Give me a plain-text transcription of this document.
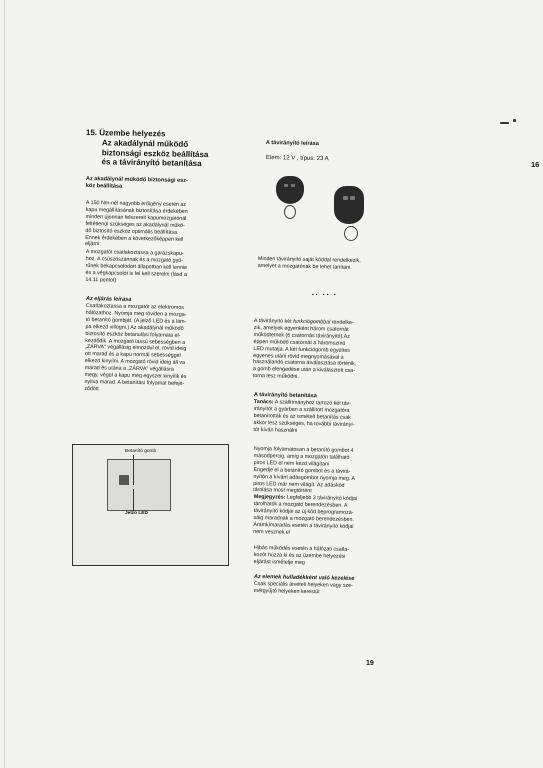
16
15. Üzembe helyezés
Az akadálynál működő
biztonsági eszköz beállítása
és a távirányító betanítása
Az akadálynál működő biztonsági esz-
köz beállítása
A 150 Nm-nél nagyobb erőigény esetén az
kapu megállításának biztosítása érdekében
minden újonnan felszerelt kapumozgatónál
feltétlenül szükséges az akadálynál műkö-
dő biztosító eszköz optimális beállítása.
Ennek érdekében a következőképpen kell
eljárni:
A mozgatót csatlakoztassa a garázskapu-
hoz. A csúszószánnak és a mozgató gyű-
rűnek bekapcsolódott állapotban kell lennie
és a végkapcsolót is fel kell szerelni (lásd a
14.11 pontot)
Az eljárás leírása
Csatlakoztassa a mozgatót az elektromos
hálózathoz. Nyomja meg röviden a mozga-
tó betanító gombját. (A jelző LED és a lám-
pa elkezd villogni.) Az akadálynál működő
biztosító eszköz betanulási folyamata el-
kezdődik. A mozgató lassú sebességben a
„ZÁRVA" végállásig elmozdul el, rövid ideig
ott marad és a kapu normál sebességgel
elkezd kinyílni. A mozgató rövid ideig áll va
marad és utána a „ZÁRVA" végállásra
megy, végül a kapu még egyszer kinyílik és
nyitva marad. A betanítási folyamat befeje-
ződött
Betanító gomb
Jelző LED
A távirányító leírása
Elem: 12 V , típus: 23 A
Minden távirányító saját kóddal rendelkezik,
amelyet a mozgatónak be lehet tanítani.
▪▪ ▪▪ ▪
A távirányító két funkciógombbal rendelke-
zik, amelyek egyenként három csatornát
működtetnek (6 csatornás távirányító).Az
éppen működő csatornát a háromszínű
LED mutatja. A két funkciógomb együttes
egyenes utáni rövid megnyomásával a
használandó csatorna átválasztása történik,
a gomb elengedése után a kiválasztott csa-
torna lesz működni.
A távirányító betanítása
Tanács: A szállítmányhoz tartozó két táv-
irányítót a gyárban a szállított mozgatóra
betanították és az ismételt betanítás csak
akkor lesz szükséges, ha további távirányí-
tót kíván használni
Nyomja folyamatosan a betanító gombot 4
másodpercig, amíg a mozgatón található
piros LED el nem kezd világítani
Engedje el a betanító gombot és a távirá-
nyítón a kívánt adásgombot nyomja meg. A
piros LED már nem világít. Az adáskód
tárolása most megtörtént
Megjegyzés: Legfeljebb 3 távirányító kódjai
tárolhatók a mozgató berendezésben. A
távirányító kódjai az új kód beprogramozá-
sáig maradnak a mozgató berendezésben.
Áramkimaradás esetén a távirányító kódjai
nem vesznek el
Hibás működés esetén a hálózati csatla-
kozót húzza ki és az üzembe helyezési
eljárást ismételje meg
Az elemek hulladékként való kezelése
Csak speciális átvételi helyeken vagy sze-
métgyűjtő helyeken kerestül
19
